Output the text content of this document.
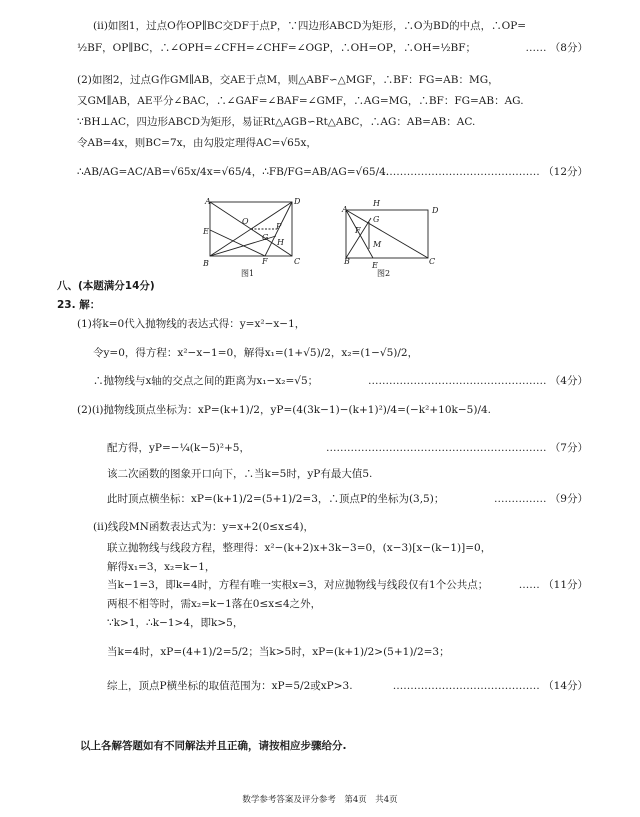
(ii)如图1，过点O作OP∥BC交DF于点P，∵四边形ABCD为矩形，∴O为BD的中点，∴OP=
½BF，OP∥BC，∴∠OPH=∠CFH=∠CHF=∠OGP，∴OH=OP，∴OH=½BF；	…… （8分）
(2)如图2，过点G作GM∥AB，交AE于点M，则△ABF∽△MGF，∴BF：FG=AB：MG，
又GM∥AB，AE平分∠BAC，∴∠GAF=∠BAF=∠GMF，∴AG=MG，∴BF：FG=AB：AG.
∵BH⊥AC，四边形ABCD为矩形，易证Rt△AGB∽Rt△ABC，∴AG：AB=AB：AC.
令AB=4x，则BC=7x，由勾股定理得AC=√65x，
∴AB/AG=AC/AB=√65x/4x=√65/4，∴FB/FG=AB/AG=√65/4.
……………………………………… （12分）
八、(本题满分14分)
23. 解：
(1)将k=0代入抛物线的表达式得：y=x²−x−1，
令y=0，得方程：x²−x−1=0，解得x₁=(1+√5)/2，x₂=(1−√5)/2，
∴抛物线与x轴的交点之间的距离为x₁−x₂=√5；	…………………………………………… （4分）
(2)(i)抛物线顶点坐标为：xP=(k+1)/2，yP=(4(3k−1)−(k+1)²)/4=(−k²+10k−5)/4.
配方得，yP=−¼(k−5)²+5，	……………………………………………………… （7分）
该二次函数的图象开口向下，∴当k=5时，yP有最大值5.
此时顶点横坐标：xP=(k+1)/2=(5+1)/2=3，∴顶点P的坐标为(3,5)；	…………… （9分）
(ii)线段MN函数表达式为：y=x+2(0≤x≤4)，
联立抛物线与线段方程，整理得：x²−(k+2)x+3k−3=0，(x−3)[x−(k−1)]=0，
解得x₁=3，x₂=k−1，
当k−1=3，即k=4时，方程有唯一实根x=3，对应抛物线与线段仅有1个公共点；	…… （11分）
两根不相等时，需x₂=k−1落在0≤x≤4之外，
∵k>1，∴k−1>4，即k>5，
当k=4时，xP=(4+1)/2=5/2；当k>5时，xP=(k+1)/2>(5+1)/2=3；
综上，顶点P横坐标的取值范围为：xP=5/2或xP>3.	…………………………………… （14分）
以上各解答题如有不同解法并且正确，请按相应步骤给分.
A	D
E
O
P
G
H
F
B	C
图1
A
H
D
G
M
F
B	E	C
图2
数学参考答案及评分参考　第4页　共4页
